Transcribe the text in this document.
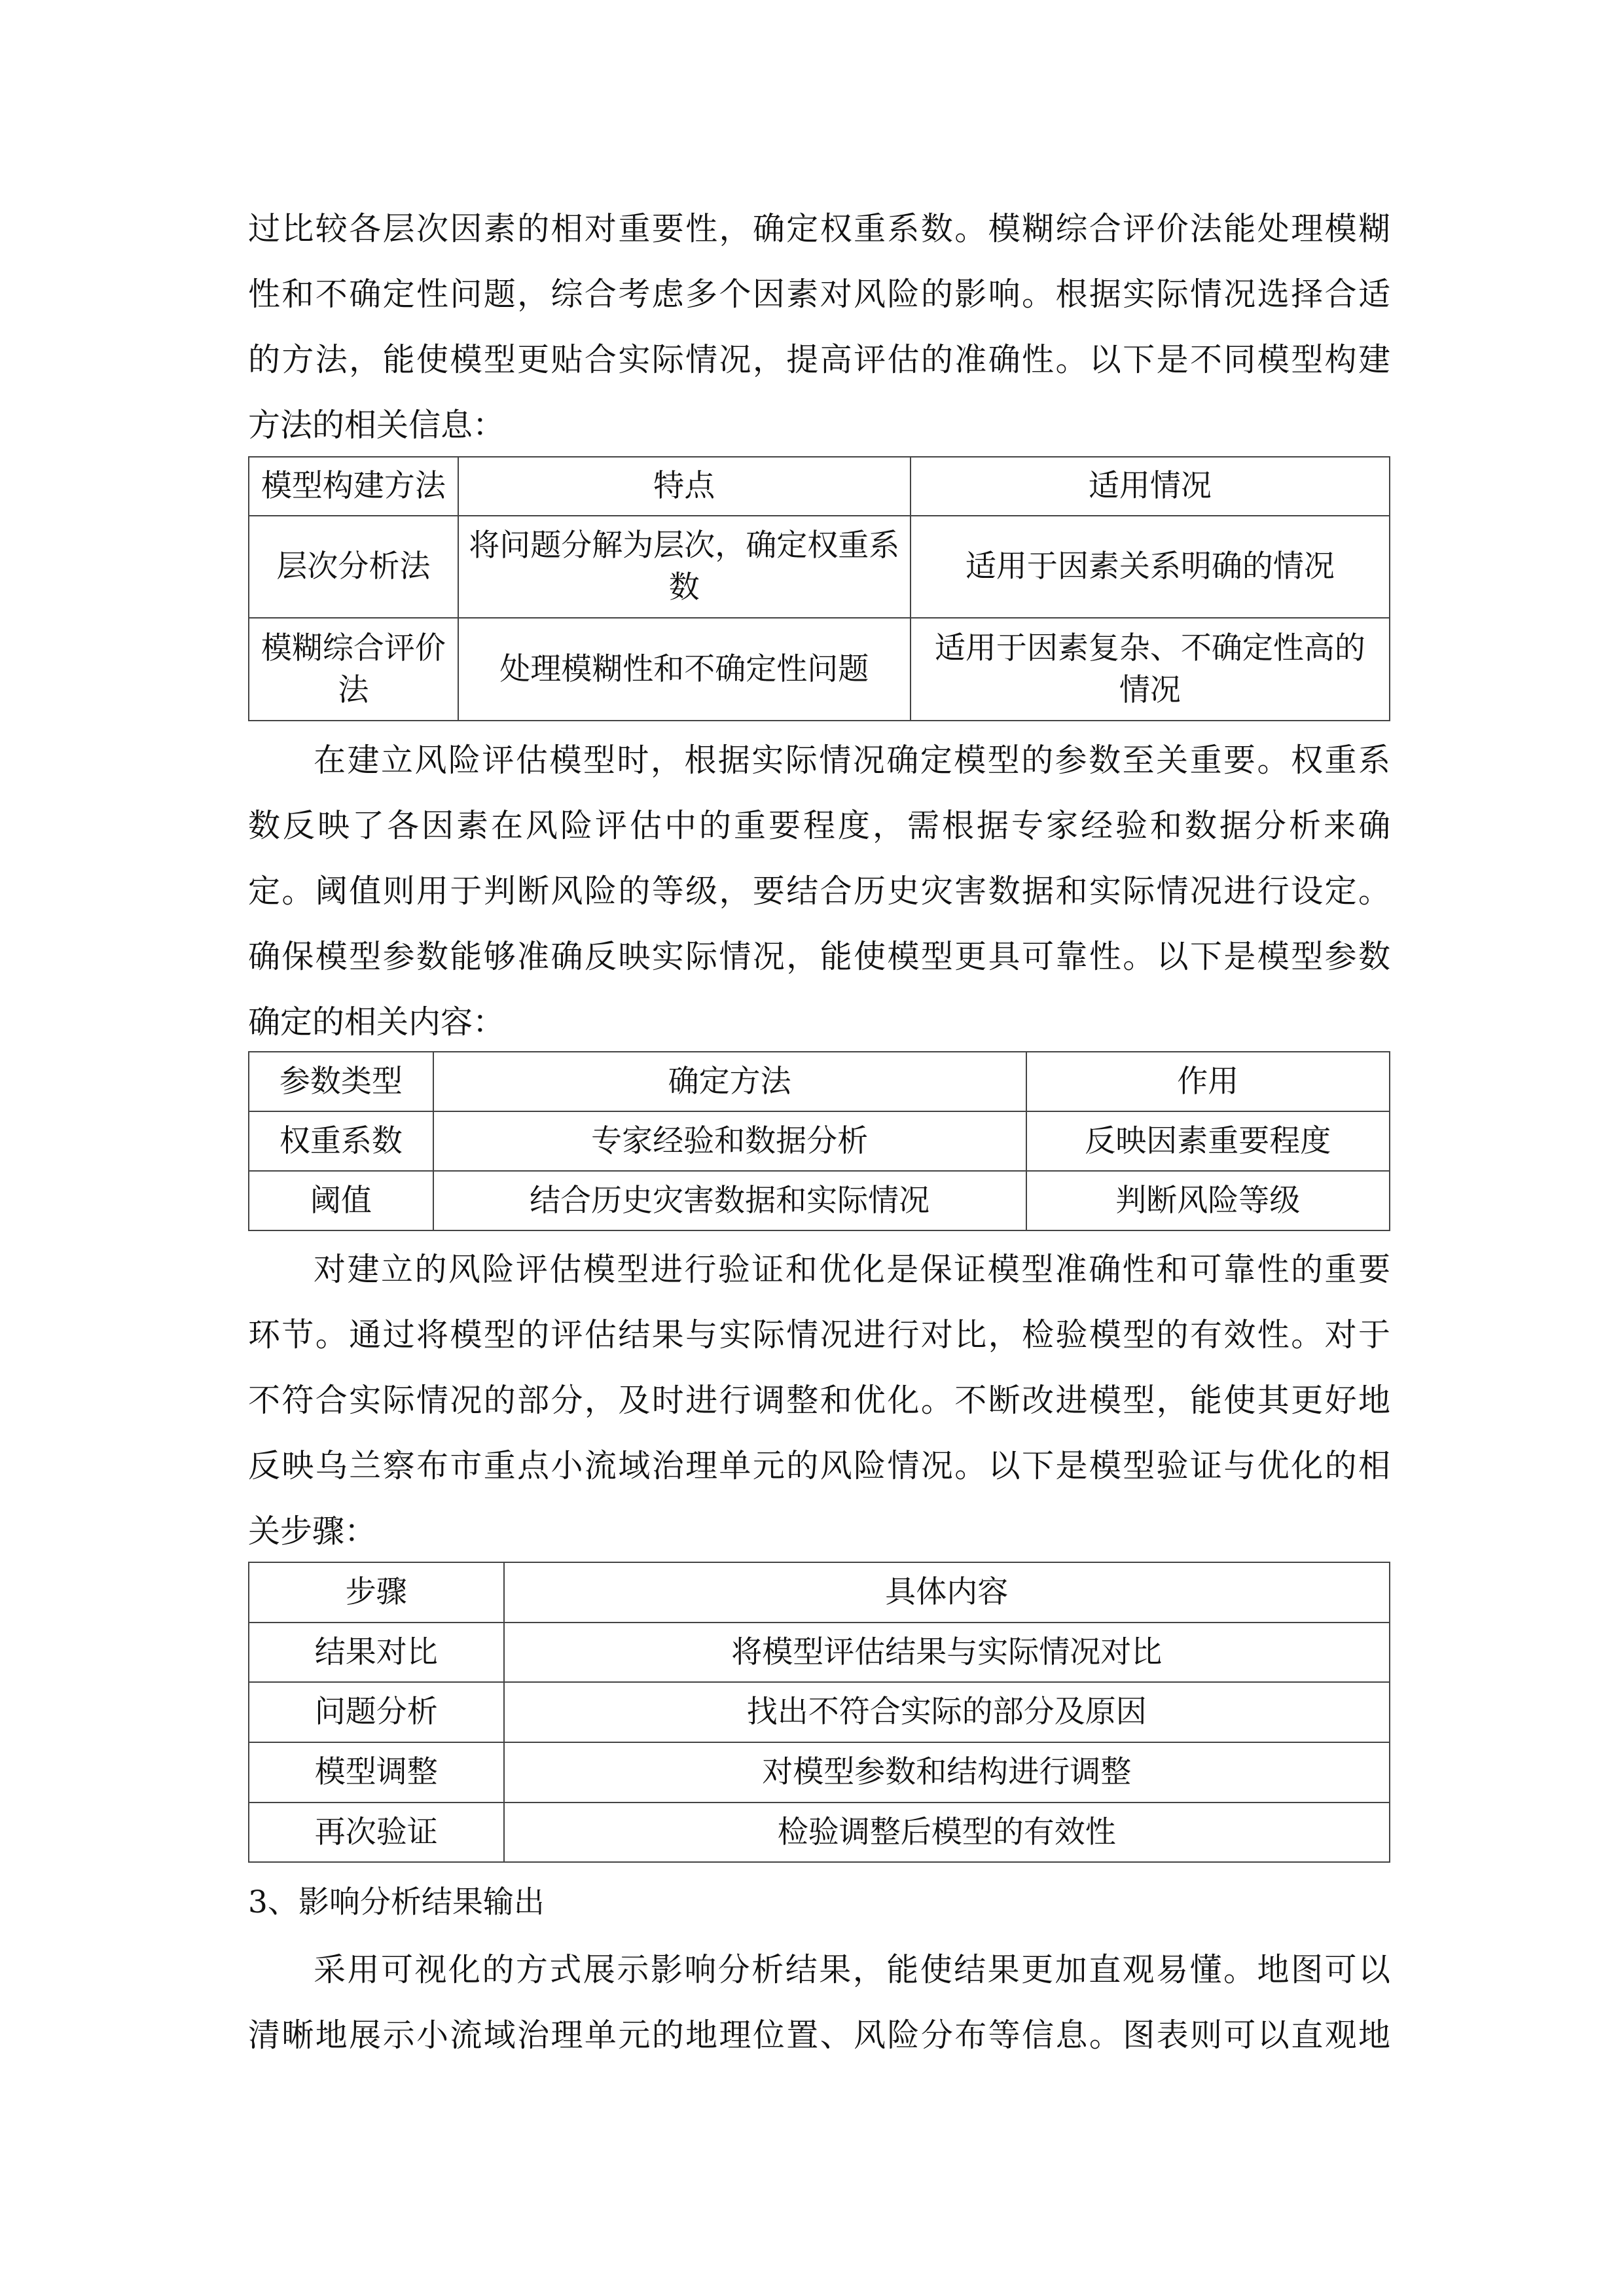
过比较各层次因素的相对重要性，确定权重系数。模糊综合评价法能处理模糊
性和不确定性问题，综合考虑多个因素对风险的影响。根据实际情况选择合适
的方法，能使模型更贴合实际情况，提高评估的准确性。以下是不同模型构建
方法的相关信息：
模型构建方法	特点	适用情况
层次分析法	将问题分解为层次，确定权重系数	适用于因素关系明确的情况
模糊综合评价法	处理模糊性和不确定性问题	适用于因素复杂、不确定性高的情况
在建立风险评估模型时，根据实际情况确定模型的参数至关重要。权重系
数反映了各因素在风险评估中的重要程度，需根据专家经验和数据分析来确
定。阈值则用于判断风险的等级，要结合历史灾害数据和实际情况进行设定。
确保模型参数能够准确反映实际情况，能使模型更具可靠性。以下是模型参数
确定的相关内容：
参数类型	确定方法	作用
权重系数	专家经验和数据分析	反映因素重要程度
阈值	结合历史灾害数据和实际情况	判断风险等级
对建立的风险评估模型进行验证和优化是保证模型准确性和可靠性的重要
环节。通过将模型的评估结果与实际情况进行对比，检验模型的有效性。对于
不符合实际情况的部分，及时进行调整和优化。不断改进模型，能使其更好地
反映乌兰察布市重点小流域治理单元的风险情况。以下是模型验证与优化的相
关步骤：
步骤	具体内容
结果对比	将模型评估结果与实际情况对比
问题分析	找出不符合实际的部分及原因
模型调整	对模型参数和结构进行调整
再次验证	检验调整后模型的有效性
3、影响分析结果输出
采用可视化的方式展示影响分析结果，能使结果更加直观易懂。地图可以
清晰地展示小流域治理单元的地理位置、风险分布等信息。图表则可以直观地
